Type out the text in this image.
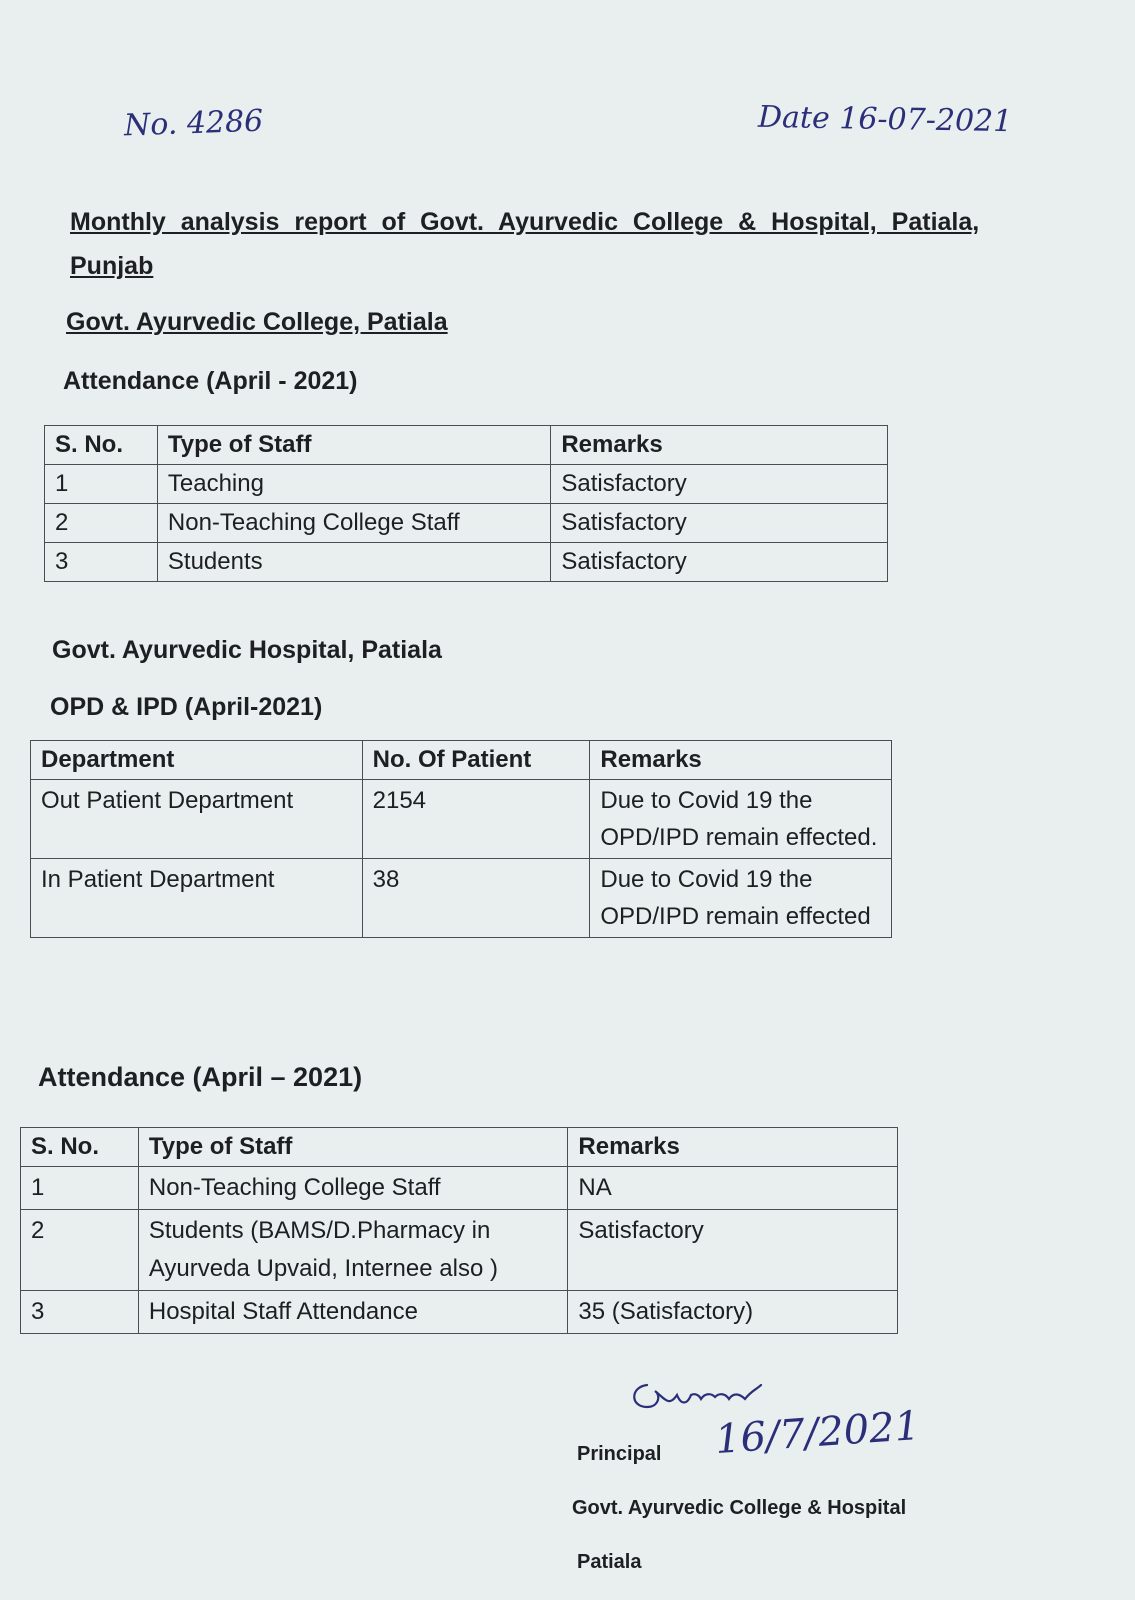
No. 4286	Date 16-07-2021
Monthly analysis report of Govt. Ayurvedic College & Hospital, Patiala, Punjab
Govt. Ayurvedic College, Patiala
Attendance (April - 2021)
S. No.	Type of Staff	Remarks
1	Teaching	Satisfactory
2	Non-Teaching College Staff	Satisfactory
3	Students	Satisfactory
Govt. Ayurvedic Hospital, Patiala
OPD & IPD (April-2021)
Department	No. Of Patient	Remarks
Out Patient Department	2154	Due to Covid 19 the OPD/IPD remain effected.
In Patient Department	38	Due to Covid 19 the OPD/IPD remain effected
Attendance (April – 2021)
S. No.	Type of Staff	Remarks
1	Non-Teaching College Staff	NA
2	Students (BAMS/D.Pharmacy in Ayurveda Upvaid, Internee also )	Satisfactory
3	Hospital Staff Attendance	35 (Satisfactory)
16/7/2021
Principal
Govt. Ayurvedic College & Hospital
Patiala
